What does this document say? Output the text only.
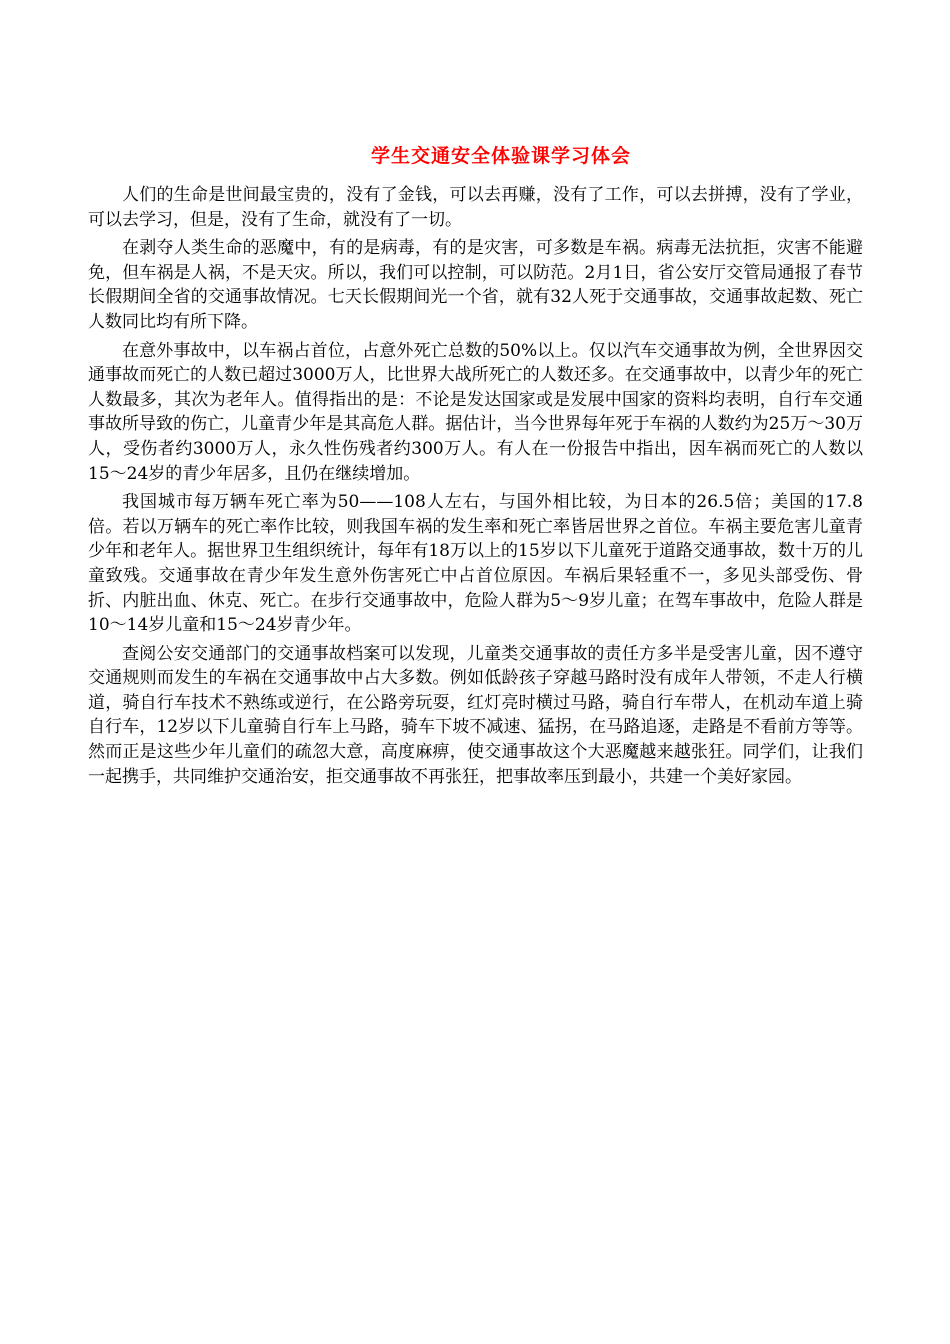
学生交通安全体验课学习体会

人们的生命是世间最宝贵的，没有了金钱，可以去再赚，没有了工作，可以去拼搏，没有了学业，可以去学习，但是，没有了生命，就没有了一切。

在剥夺人类生命的恶魔中，有的是病毒，有的是灾害，可多数是车祸。病毒无法抗拒，灾害不能避免，但车祸是人祸，不是天灾。所以，我们可以控制，可以防范。2月1日，省公安厅交管局通报了春节长假期间全省的交通事故情况。七天长假期间光一个省，就有32人死于交通事故，交通事故起数、死亡人数同比均有所下降。

在意外事故中，以车祸占首位，占意外死亡总数的50%以上。仅以汽车交通事故为例，全世界因交通事故而死亡的人数已超过3000万人，比世界大战所死亡的人数还多。在交通事故中，以青少年的死亡人数最多，其次为老年人。值得指出的是：不论是发达国家或是发展中国家的资料均表明，自行车交通事故所导致的伤亡，儿童青少年是其高危人群。据估计，当今世界每年死于车祸的人数约为25万～30万人，受伤者约3000万人，永久性伤残者约300万人。有人在一份报告中指出，因车祸而死亡的人数以15～24岁的青少年居多，且仍在继续增加。

我国城市每万辆车死亡率为50——108人左右，与国外相比较，为日本的26.5倍；美国的17.8倍。若以万辆车的死亡率作比较，则我国车祸的发生率和死亡率皆居世界之首位。车祸主要危害儿童青少年和老年人。据世界卫生组织统计，每年有18万以上的15岁以下儿童死于道路交通事故，数十万的儿童致残。交通事故在青少年发生意外伤害死亡中占首位原因。车祸后果轻重不一，多见头部受伤、骨折、内脏出血、休克、死亡。在步行交通事故中，危险人群为5～9岁儿童；在驾车事故中，危险人群是10～14岁儿童和15～24岁青少年。

查阅公安交通部门的交通事故档案可以发现，儿童类交通事故的责任方多半是受害儿童，因不遵守交通规则而发生的车祸在交通事故中占大多数。例如低龄孩子穿越马路时没有成年人带领，不走人行横道，骑自行车技术不熟练或逆行，在公路旁玩耍，红灯亮时横过马路，骑自行车带人，在机动车道上骑自行车，12岁以下儿童骑自行车上马路，骑车下坡不减速、猛拐，在马路追逐，走路是不看前方等等。然而正是这些少年儿童们的疏忽大意，高度麻痹，使交通事故这个大恶魔越来越张狂。同学们，让我们一起携手，共同维护交通治安，拒交通事故不再张狂，把事故率压到最小，共建一个美好家园。
